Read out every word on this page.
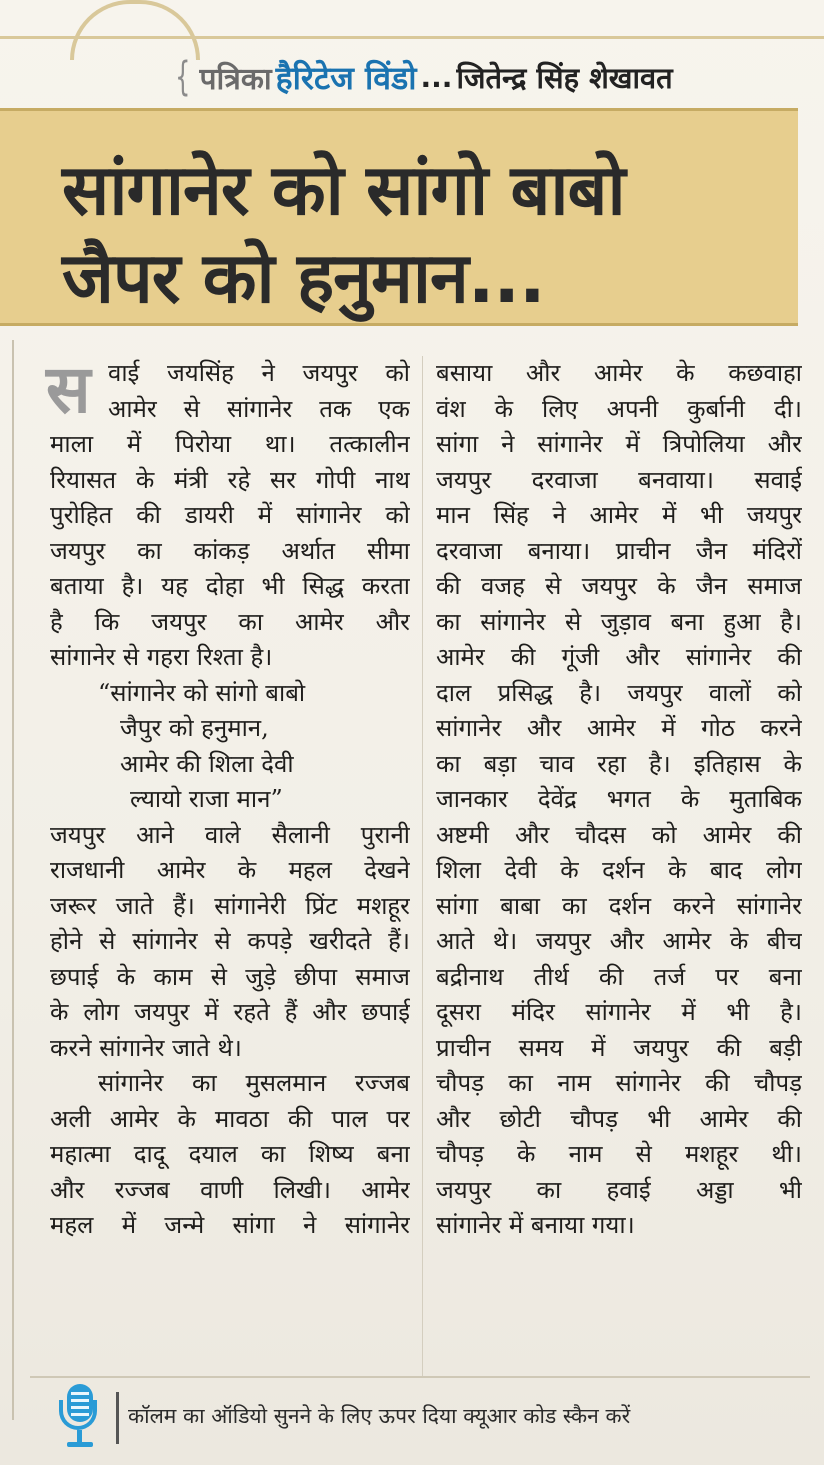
{ पत्रिका हैरिटेज विंडो ... जितेन्द्र सिंह शेखावत
सांगानेर को सांगो बाबो
जैपर को हनुमान...
स वाई जयसिंह ने जयपुर को
आमेर से सांगानेर तक एक
माला में पिरोया था। तत्कालीन
रियासत के मंत्री रहे सर गोपी नाथ
पुरोहित की डायरी में सांगानेर को
जयपुर का कांकड़ अर्थात सीमा
बताया है। यह दोहा भी सिद्ध करता
है कि जयपुर का आमेर और
सांगानेर से गहरा रिश्ता है।
“सांगानेर को सांगो बाबो
जैपुर को हनुमान,
आमेर की शिला देवी
ल्यायो राजा मान”
जयपुर आने वाले सैलानी पुरानी
राजधानी आमेर के महल देखने
जरूर जाते हैं। सांगानेरी प्रिंट मशहूर
होने से सांगानेर से कपड़े खरीदते हैं।
छपाई के काम से जुड़े छीपा समाज
के लोग जयपुर में रहते हैं और छपाई
करने सांगानेर जाते थे।
सांगानेर का मुसलमान रज्जब
अली आमेर के मावठा की पाल पर
महात्मा दादू दयाल का शिष्य बना
और रज्जब वाणी लिखी। आमेर
महल में जन्मे सांगा ने सांगानेर
बसाया और आमेर के कछवाहा
वंश के लिए अपनी कुर्बानी दी।
सांगा ने सांगानेर में त्रिपोलिया और
जयपुर दरवाजा बनवाया। सवाई
मान सिंह ने आमेर में भी जयपुर
दरवाजा बनाया। प्राचीन जैन मंदिरों
की वजह से जयपुर के जैन समाज
का सांगानेर से जुड़ाव बना हुआ है।
आमेर की गूंजी और सांगानेर की
दाल प्रसिद्ध है। जयपुर वालों को
सांगानेर और आमेर में गोठ करने
का बड़ा चाव रहा है। इतिहास के
जानकार देवेंद्र भगत के मुताबिक
अष्टमी और चौदस को आमेर की
शिला देवी के दर्शन के बाद लोग
सांगा बाबा का दर्शन करने सांगानेर
आते थे। जयपुर और आमेर के बीच
बद्रीनाथ तीर्थ की तर्ज पर बना
दूसरा मंदिर सांगानेर में भी है।
प्राचीन समय में जयपुर की बड़ी
चौपड़ का नाम सांगानेर की चौपड़
और छोटी चौपड़ भी आमेर की
चौपड़ के नाम से मशहूर थी।
जयपुर का हवाई अड्डा भी
सांगानेर में बनाया गया।
कॉलम का ऑडियो सुनने के लिए ऊपर दिया क्यूआर कोड स्कैन करें
